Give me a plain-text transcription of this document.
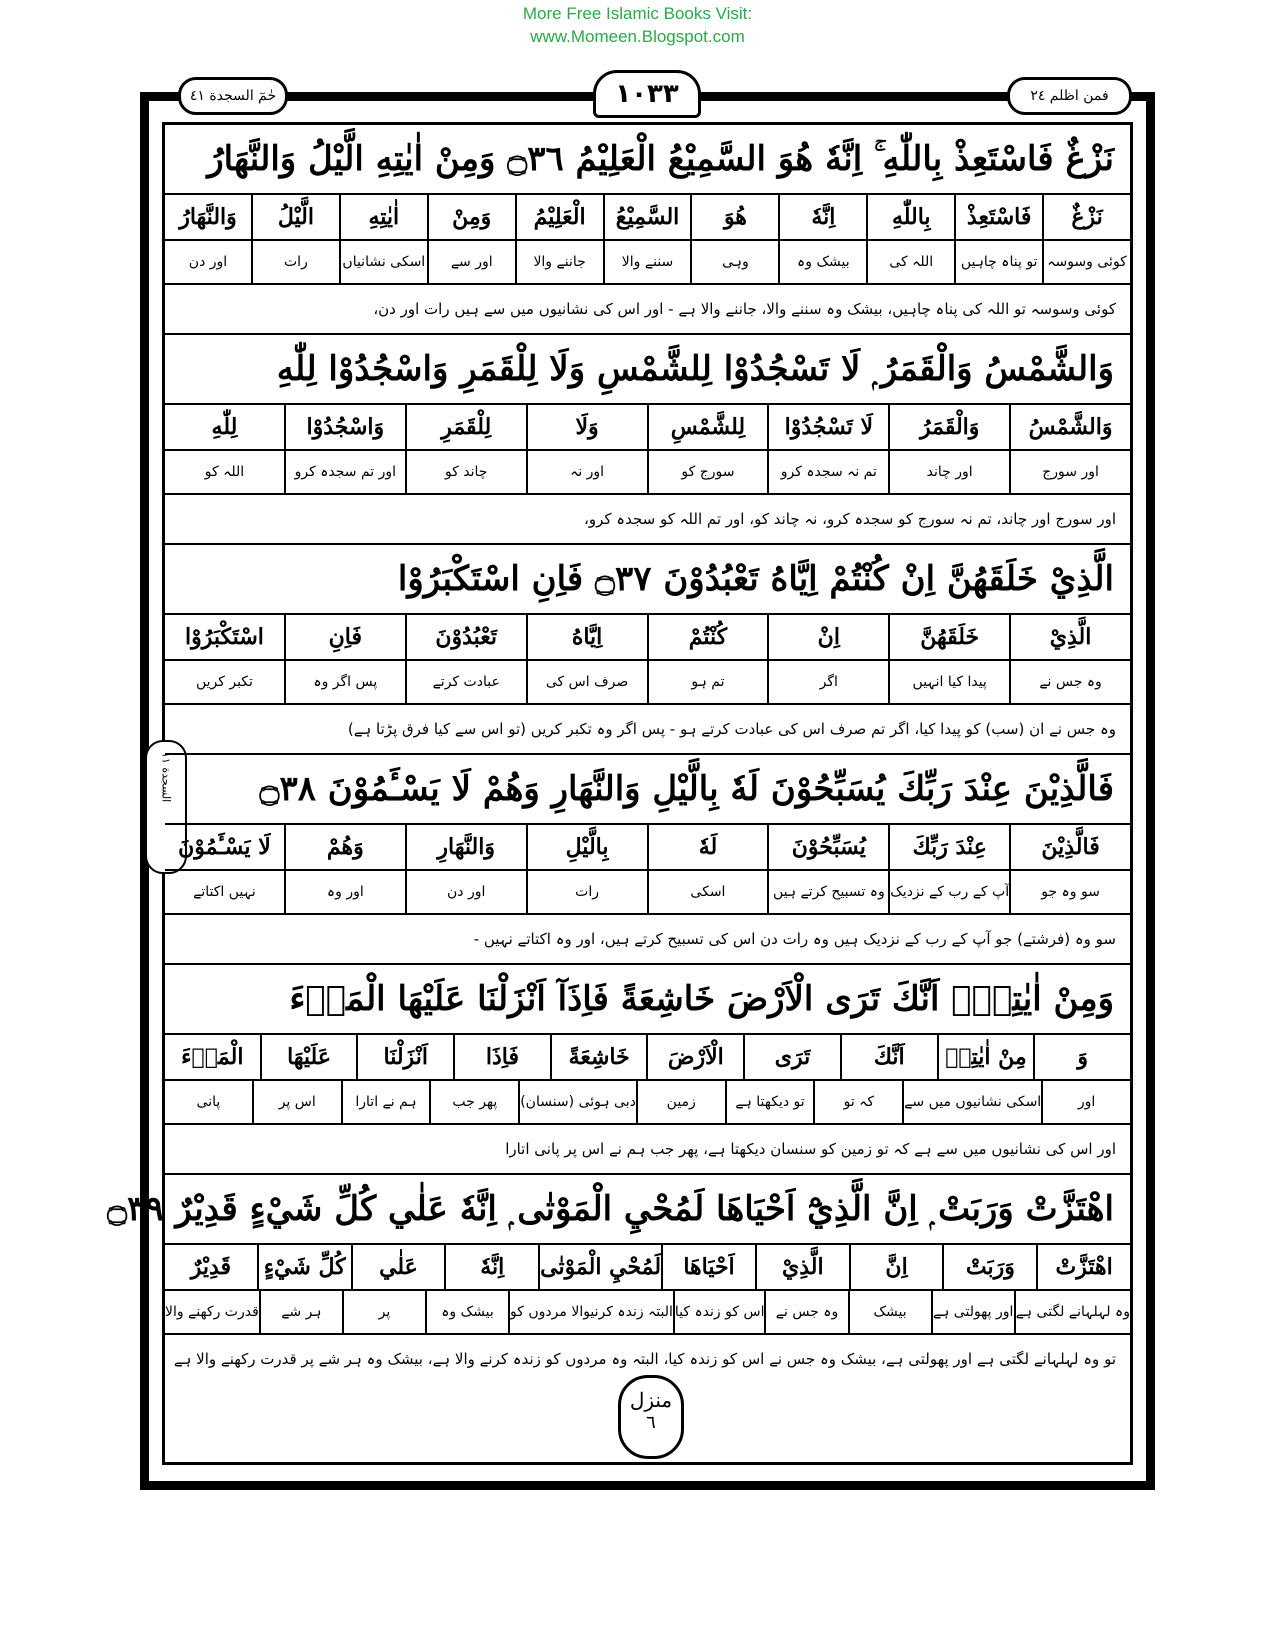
More Free Islamic Books Visit:
www.Momeen.Blogspot.com
حٰمٓ السجدة ٤١	١٠٣٣	فمن اظلم ٢٤
السجدة ١١
نَزْغٌ فَاسْتَعِذْ بِاللّٰهِ ۚ اِنَّهٗ هُوَ السَّمِيْعُ الْعَلِيْمُ ۝٣٦ وَمِنْ اٰيٰتِهِ الَّيْلُ وَالنَّهَارُ
نَزْغٌ
فَاسْتَعِذْ
بِاللّٰهِ
اِنَّهٗ
هُوَ
السَّمِيْعُ
الْعَلِيْمُ
وَمِنْ
اٰيٰتِهِ
الَّيْلُ
وَالنَّهَارُ
کوئی وسوسہ
تو پناہ چاہیں
اللہ کی
بیشک وہ
وہی
سننے والا
جاننے والا
اور سے
اسکی نشانیاں
رات
اور دن
کوئی وسوسہ تو اللہ کی پناہ چاہیں، بیشک وہ سننے والا، جاننے والا ہے - اور اس کی نشانیوں میں سے ہیں رات اور دن،
وَالشَّمْسُ وَالْقَمَرُ ۭ لَا تَسْجُدُوْا لِلشَّمْسِ وَلَا لِلْقَمَرِ وَاسْجُدُوْا لِلّٰهِ
وَالشَّمْسُ
وَالْقَمَرُ
لَا تَسْجُدُوْا
لِلشَّمْسِ
وَلَا
لِلْقَمَرِ
وَاسْجُدُوْا
لِلّٰهِ
اور سورج
اور چاند
تم نہ سجدہ کرو
سورج کو
اور نہ
چاند کو
اور تم سجدہ کرو
اللہ کو
اور سورج اور چاند، تم نہ سورج کو سجدہ کرو، نہ چاند کو، اور تم اللہ کو سجدہ کرو،
الَّذِيْ خَلَقَهُنَّ اِنْ كُنْتُمْ اِيَّاهُ تَعْبُدُوْنَ ۝٣٧ فَاِنِ اسْتَكْبَرُوْا
الَّذِيْ
خَلَقَهُنَّ
اِنْ
كُنْتُمْ
اِيَّاهُ
تَعْبُدُوْنَ
فَاِنِ
اسْتَكْبَرُوْا
وہ جس نے
پیدا کیا انہیں
اگر
تم ہو
صرف اس کی
عبادت کرتے
پس اگر وہ
تکبر کریں
وہ جس نے ان (سب) کو پیدا کیا، اگر تم صرف اس کی عبادت کرتے ہو - پس اگر وہ تکبر کریں (تو اس سے کیا فرق پڑتا ہے)
فَالَّذِيْنَ عِنْدَ رَبِّكَ يُسَبِّحُوْنَ لَهٗ بِالَّيْلِ وَالنَّهَارِ وَهُمْ لَا يَسْـَٔمُوْنَ ۝٣٨
فَالَّذِيْنَ
عِنْدَ رَبِّكَ
يُسَبِّحُوْنَ
لَهٗ
بِالَّيْلِ
وَالنَّهَارِ
وَهُمْ
لَا يَسْـَٔمُوْنَ
سو وہ جو
آپ کے رب کے نزدیک
وہ تسبیح کرتے ہیں
اسکی
رات
اور دن
اور وہ
نہیں اکتاتے
سو وہ (فرشتے) جو آپ کے رب کے نزدیک ہیں وہ رات دن اس کی تسبیح کرتے ہیں، اور وہ اکتاتے نہیں -
وَمِنْ اٰيٰتِهٖٓ اَنَّكَ تَرَى الْاَرْضَ خَاشِعَةً فَاِذَآ اَنْزَلْنَا عَلَيْهَا الْمَاۗءَ
وَ
مِنْ اٰيٰتِهٖ
اَنَّكَ
تَرَى
الْاَرْضَ
خَاشِعَةً
فَاِذَا
اَنْزَلْنَا
عَلَيْهَا
الْمَاۗءَ
اور
اسکی نشانیوں میں سے
کہ تو
تو دیکھتا ہے
زمین
دبی ہوئی (سنسان)
پھر جب
ہم نے اتارا
اس پر
پانی
اور اس کی نشانیوں میں سے ہے کہ تو زمین کو سنسان دیکھتا ہے، پھر جب ہم نے اس پر پانی اتارا
اهْتَزَّتْ وَرَبَتْ ۭ اِنَّ الَّذِيْٓ اَحْيَاهَا لَمُحْيِ الْمَوْتٰى ۭ اِنَّهٗ عَلٰي كُلِّ شَيْءٍ قَدِيْرٌ ۝٣٩
اهْتَزَّتْ
وَرَبَتْ
اِنَّ
الَّذِيْ
اَحْيَاهَا
لَمُحْيِ الْمَوْتٰى
اِنَّهٗ
عَلٰي
كُلِّ شَيْءٍ
قَدِيْرٌ
وہ لہلہانے لگتی ہے
اور پھولتی ہے
بیشک
وہ جس نے
اس کو زندہ کیا
البتہ زندہ کرنیوالا مردوں کو
بیشک وہ
پر
ہر شے
قدرت رکھنے والا
تو وہ لہلہانے لگتی ہے اور پھولتی ہے، بیشک وہ جس نے اس کو زندہ کیا، البتہ وہ مردوں کو زندہ کرنے والا ہے، بیشک وہ ہر شے پر قدرت رکھنے والا ہے
منزل
٦
